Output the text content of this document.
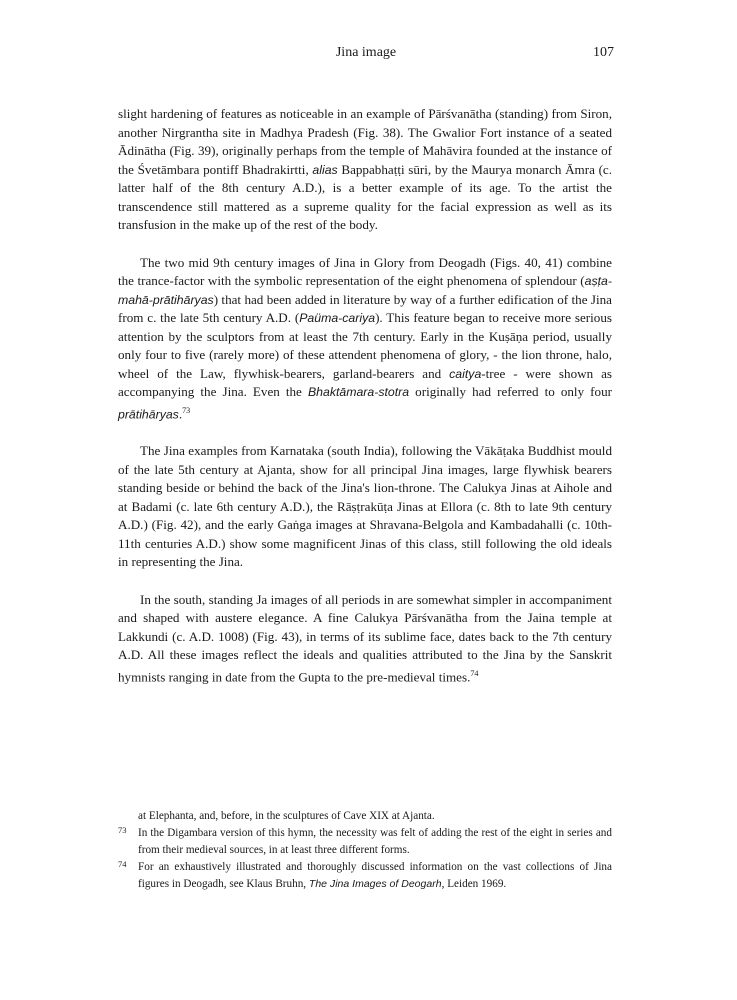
Jina image	107

slight hardening of features as noticeable in an example of Pārśvanātha (standing) from Siron, another Nirgrantha site in Madhya Pradesh (Fig. 38). The Gwalior Fort instance of a seated Ādinātha (Fig. 39), originally perhaps from the temple of Mahāvira founded at the instance of the Śvetāmbara pontiff Bhadrakirtti, alias Bappabhaṭṭi sūri, by the Maurya monarch Āmra (c. latter half of the 8th century A.D.), is a better example of its age. To the artist the transcendence still mattered as a supreme quality for the facial expression as well as its transfusion in the make up of the rest of the body.

The two mid 9th century images of Jina in Glory from Deogadh (Figs. 40, 41) combine the trance-factor with the symbolic representation of the eight phenomena of splendour (aṣṭa-mahā-prātihāryas) that had been added in literature by way of a further edification of the Jina from c. the late 5th century A.D. (Paüma-cariya). This feature began to receive more serious attention by the sculptors from at least the 7th century. Early in the Kuṣāṇa period, usually only four to five (rarely more) of these attendent phenomena of glory, - the lion throne, halo, wheel of the Law, flywhisk-bearers, garland-bearers and caitya-tree - were shown as accompanying the Jina. Even the Bhaktāmara-stotra originally had referred to only four prātihāryas.$^{73}$

The Jina examples from Karnataka (south India), following the Vākāṭaka Buddhist mould of the late 5th century at Ajanta, show for all principal Jina images, large flywhisk bearers standing beside or behind the back of the Jina's lion-throne. The Calukya Jinas at Aihole and at Badami (c. late 6th century A.D.), the Rāṣṭrakūṭa Jinas at Ellora (c. 8th to late 9th century A.D.) (Fig. 42), and the early Gaṅga images at Shravana-Belgola and Kambadahalli (c. 10th-11th centuries A.D.) show some magnificent Jinas of this class, still following the old ideals in representing the Jina.

In the south, standing Ja images of all periods in are somewhat simpler in accompaniment and shaped with austere elegance. A fine Calukya Pārśvanātha from the Jaina temple at Lakkundi (c. A.D. 1008) (Fig. 43), in terms of its sublime face, dates back to the 7th century A.D. All these images reflect the ideals and qualities attributed to the Jina by the Sanskrit hymnists ranging in date from the Gupta to the pre-medieval times.$^{74}$

at Elephanta, and, before, in the sculptures of Cave XIX at Ajanta.
73 In the Digambara version of this hymn, the necessity was felt of adding the rest of the eight in series and from their medieval sources, in at least three different forms.
74 For an exhaustively illustrated and thoroughly discussed information on the vast collections of Jina figures in Deogadh, see Klaus Bruhn, The Jina Images of Deogarh, Leiden 1969.
